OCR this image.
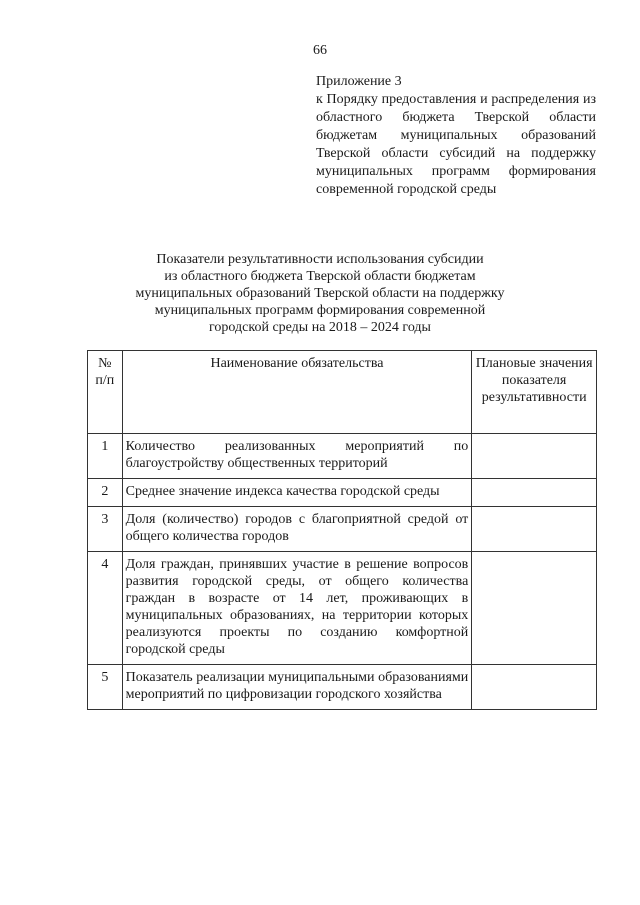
66
Приложение 3
к Порядку предоставления и распределения из областного бюджета Тверской области бюджетам муниципальных образований Тверской области субсидий на поддержку муниципальных программ формирования современной городской среды
Показатели результативности использования субсидии
из областного бюджета Тверской области бюджетам
муниципальных образований Тверской области на поддержку
муниципальных программ формирования современной
городской среды на 2018 – 2024 годы
№ п/п	Наименование обязательства	Плановые значения показателя результативности
1	Количество реализованных мероприятий по благоустройству общественных территорий	
2	Среднее значение индекса качества городской среды	
3	Доля (количество) городов с благоприятной средой от общего количества городов	
4	Доля граждан, принявших участие в решение вопросов развития городской среды, от общего количества граждан в возрасте от 14 лет, проживающих в муниципальных образованиях, на территории которых реализуются проекты по созданию комфортной городской среды	
5	Показатель реализации муниципальными образованиями мероприятий по цифровизации городского хозяйства	
